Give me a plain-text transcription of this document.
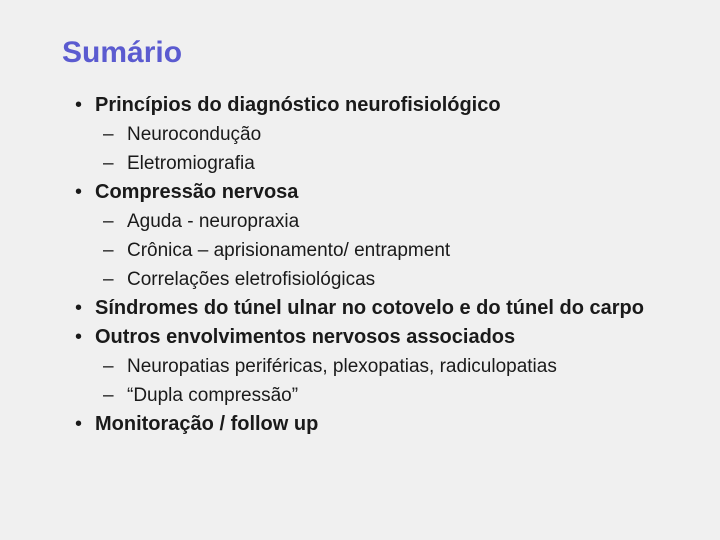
Sumário
• Princípios do diagnóstico neurofisiológico
– Neurocondução
– Eletromiografia
• Compressão nervosa
– Aguda - neuropraxia
– Crônica – aprisionamento/ entrapment
– Correlações eletrofisiológicas
• Síndromes do túnel ulnar no cotovelo e do túnel do carpo
• Outros envolvimentos nervosos associados
– Neuropatias periféricas, plexopatias, radiculopatias
– “Dupla compressão”
• Monitoração / follow up
